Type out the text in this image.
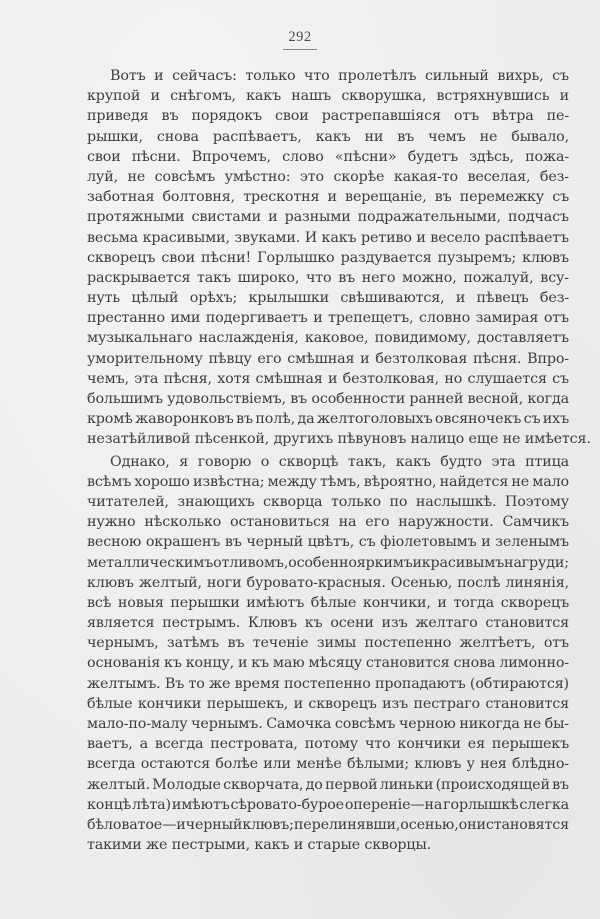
292
Вотъ и сейчасъ: только что пролетѣлъ сильный вихрь, съ
крупой и снѣгомъ, какъ нашъ скворушка, встряхнувшись и
приведя въ порядокъ свои растрепавшіяся отъ вѣтра пе-
рышки, снова распѣваетъ, какъ ни въ чемъ не бывало,
свои пѣсни. Впрочемъ, слово «пѣсни» будетъ здѣсь, пожа-
луй, не совсѣмъ умѣстно: это скорѣе какая-то веселая, без-
заботная болтовня, трескотня и верещаніе, въ перемежку съ
протяжными свистами и разными подражательными, подчасъ
весьма красивыми, звуками. И какъ ретиво и весело распѣваетъ
скворецъ свои пѣсни! Горлышко раздувается пузыремъ; клювъ
раскрывается такъ широко, что въ него можно, пожалуй, всу-
нуть цѣлый орѣхъ; крылышки свѣшиваются, и пѣвецъ без-
престанно ими подергиваетъ и трепещетъ, словно замирая отъ
музыкальнаго наслажденія, каковое, повидимому, доставляетъ
уморительному пѣвцу его смѣшная и безтолковая пѣсня. Впро-
чемъ, эта пѣсня, хотя смѣшная и безтолковая, но слушается съ
большимъ удовольствіемъ, въ особенности ранней весной, когда
кромѣ жаворонковъ въ полѣ, да желтоголовыхъ овсяночекъ съ ихъ
незатѣйливой пѣсенкой, другихъ пѣвуновъ налицо еще не имѣется.
Однако, я говорю о скворцѣ такъ, какъ будто эта птица
всѣмъ хорошо извѣстна; между тѣмъ, вѣроятно, найдется не мало
читателей, знающихъ скворца только по наслышкѣ. Поэтому
нужно нѣсколько остановиться на его наружности. Самчикъ
весною окрашенъ въ черный цвѣтъ, съ фіолетовымъ и зеленымъ
металлическимъ отливомъ, особенно яркимъ и красивымъ на груди;
клювъ желтый, ноги буровато-красныя. Осенью, послѣ линянія,
всѣ новыя перышки имѣютъ бѣлые кончики, и тогда скворецъ
является пестрымъ. Клювъ къ осени изъ желтаго становится
чернымъ, затѣмъ въ теченіе зимы постепенно желтѣетъ, отъ
основанія къ концу, и къ маю мѣсяцу становится снова лимонно-
желтымъ. Въ то же время постепенно пропадаютъ (обтираются)
бѣлые кончики перышекъ, и скворецъ изъ пестраго становится
мало-по-малу чернымъ. Самочка совсѣмъ черною никогда не бы-
ваетъ, а всегда пестровата, потому что кончики ея перышекъ
всегда остаются болѣе или менѣе бѣлыми; клювъ у нея блѣдно-
желтый. Молодые скворчата, до первой линьки (происходящей въ
концѣ лѣта) имѣютъ сѣровато-бурое опереніе—на горлышкѣ слегка
бѣловатое—и черный клювъ; перелинявши, осенью, они становятся
такими же пестрыми, какъ и старые скворцы.
